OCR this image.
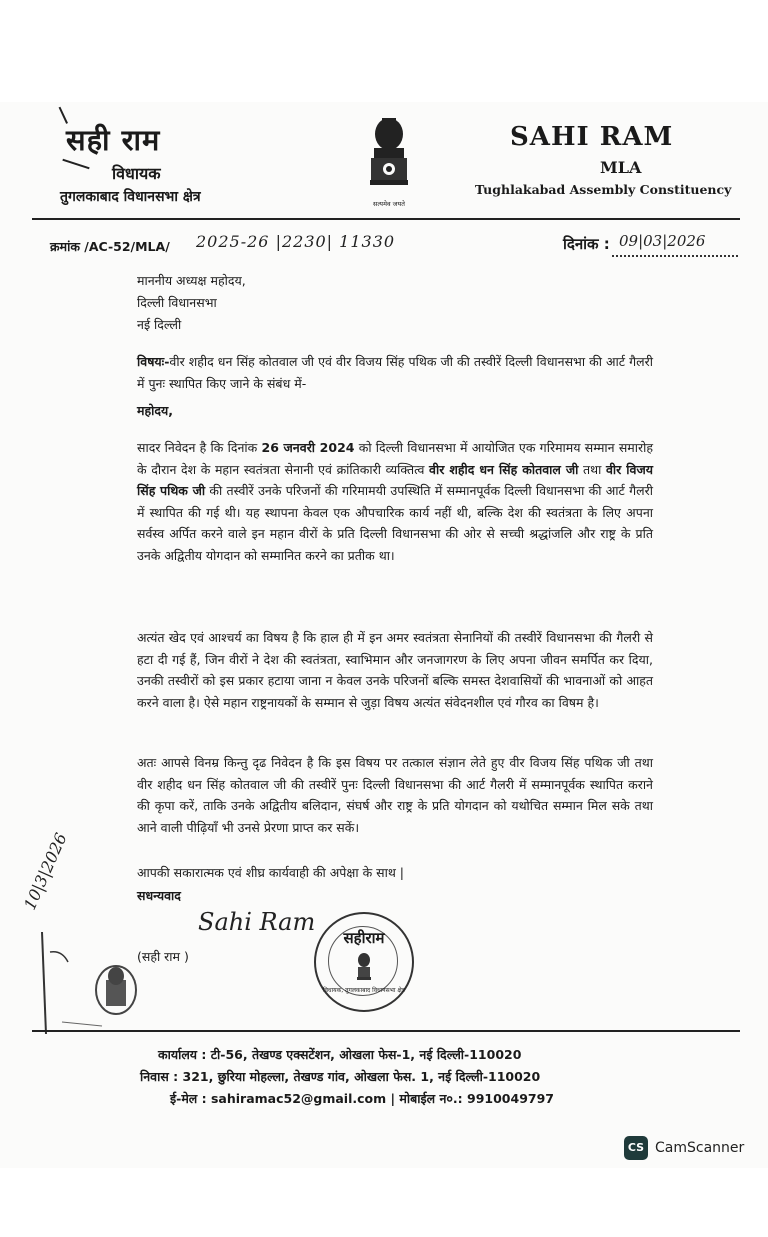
सही राम
विधायक
तुगलकाबाद विधानसभा क्षेत्र	सत्यमेव जयते
SAHI RAM
MLA
Tughlakabad Assembly Constituency
क्रमांक /AC-52/MLA/ 2025-26 |2230| 11330	दिनांक : 09|03|2026
माननीय अध्यक्ष महोदय,
दिल्ली विधानसभा
नई दिल्ली
विषयः-वीर शहीद धन सिंह कोतवाल जी एवं वीर विजय सिंह पथिक जी की तस्वीरें दिल्ली विधानसभा की आर्ट गैलरी में पुनः स्थापित किए जाने के संबंध में-
महोदय,
सादर निवेदन है कि दिनांक 26 जनवरी 2024 को दिल्ली विधानसभा में आयोजित एक गरिमामय सम्मान समारोह के दौरान देश के महान स्वतंत्रता सेनानी एवं क्रांतिकारी व्यक्तित्व वीर शहीद धन सिंह कोतवाल जी तथा वीर विजय सिंह पथिक जी की तस्वीरें उनके परिजनों की गरिमामयी उपस्थिति में सम्मानपूर्वक दिल्ली विधानसभा की आर्ट गैलरी में स्थापित की गई थी। यह स्थापना केवल एक औपचारिक कार्य नहीं थी, बल्कि देश की स्वतंत्रता के लिए अपना सर्वस्व अर्पित करने वाले इन महान वीरों के प्रति दिल्ली विधानसभा की ओर से सच्ची श्रद्धांजलि और राष्ट्र के प्रति उनके अद्वितीय योगदान को सम्मानित करने का प्रतीक था।
अत्यंत खेद एवं आश्चर्य का विषय है कि हाल ही में इन अमर स्वतंत्रता सेनानियों की तस्वीरें विधानसभा की गैलरी से हटा दी गई हैं, जिन वीरों ने देश की स्वतंत्रता, स्वाभिमान और जनजागरण के लिए अपना जीवन समर्पित कर दिया, उनकी तस्वीरों को इस प्रकार हटाया जाना न केवल उनके परिजनों बल्कि समस्त देशवासियों की भावनाओं को आहत करने वाला है। ऐसे महान राष्ट्रनायकों के सम्मान से जुड़ा विषय अत्यंत संवेदनशील एवं गौरव का विषम है।
अतः आपसे विनम्र किन्तु दृढ निवेदन है कि इस विषय पर तत्काल संज्ञान लेते हुए वीर विजय सिंह पथिक जी तथा वीर शहीद धन सिंह कोतवाल जी की तस्वीरें पुनः दिल्ली विधानसभा की आर्ट गैलरी में सम्मानपूर्वक स्थापित कराने की कृपा करें, ताकि उनके अद्वितीय बलिदान, संघर्ष और राष्ट्र के प्रति योगदान को यथोचित सम्मान मिल सके तथा आने वाली पीढ़ियाँ भी उनसे प्रेरणा प्राप्त कर सकें।
आपकी सकारात्मक एवं शीघ्र कार्यवाही की अपेक्षा के साथ |
सधन्यवाद
Sahi Ram
(सही राम )
सहीराम
विधायक, तुगलकाबाद विधानसभा क्षेत्र
10|3|2026
कार्यालय : टी-56, तेखण्ड एक्सटेंशन, ओखला फेस-1, नई दिल्ली-110020
निवास : 321, छुरिया मोहल्ला, तेखण्ड गांव, ओखला फेस. 1, नई दिल्ली-110020
ई-मेल : sahiramac52@gmail.com | मोबाईल न०.: 9910049797
CS CamScanner
